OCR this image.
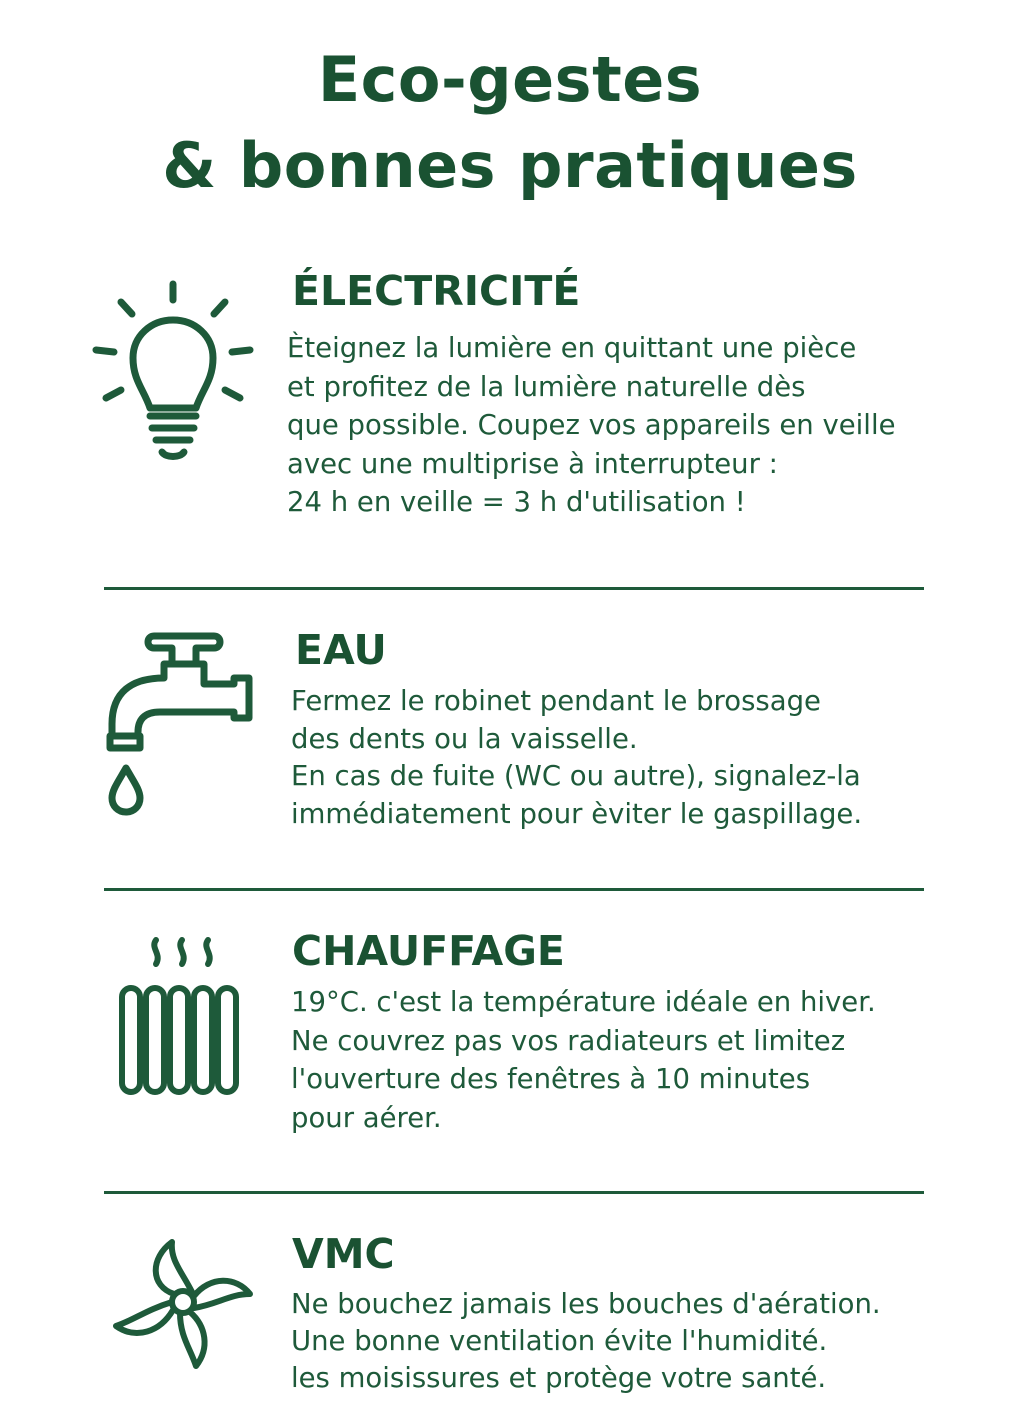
Eco-gestes
& bonnes pratiques
ÉLECTRICITÉ
Èteignez la lumière en quittant une pièce
et profitez de la lumière naturelle dès
que possible. Coupez vos appareils en veille
avec une multiprise à interrupteur :
24 h en veille = 3 h d'utilisation !
EAU
Fermez le robinet pendant le brossage
des dents ou la vaisselle.
En cas de fuite (WC ou autre), signalez-la
immédiatement pour èviter le gaspillage.
CHAUFFAGE
19°C. c'est la température idéale en hiver.
Ne couvrez pas vos radiateurs et limitez
l'ouverture des fenêtres à 10 minutes
pour aérer.
VMC
Ne bouchez jamais les bouches d'aération.
Une bonne ventilation évite l'humidité.
les moisissures et protège votre santé.
